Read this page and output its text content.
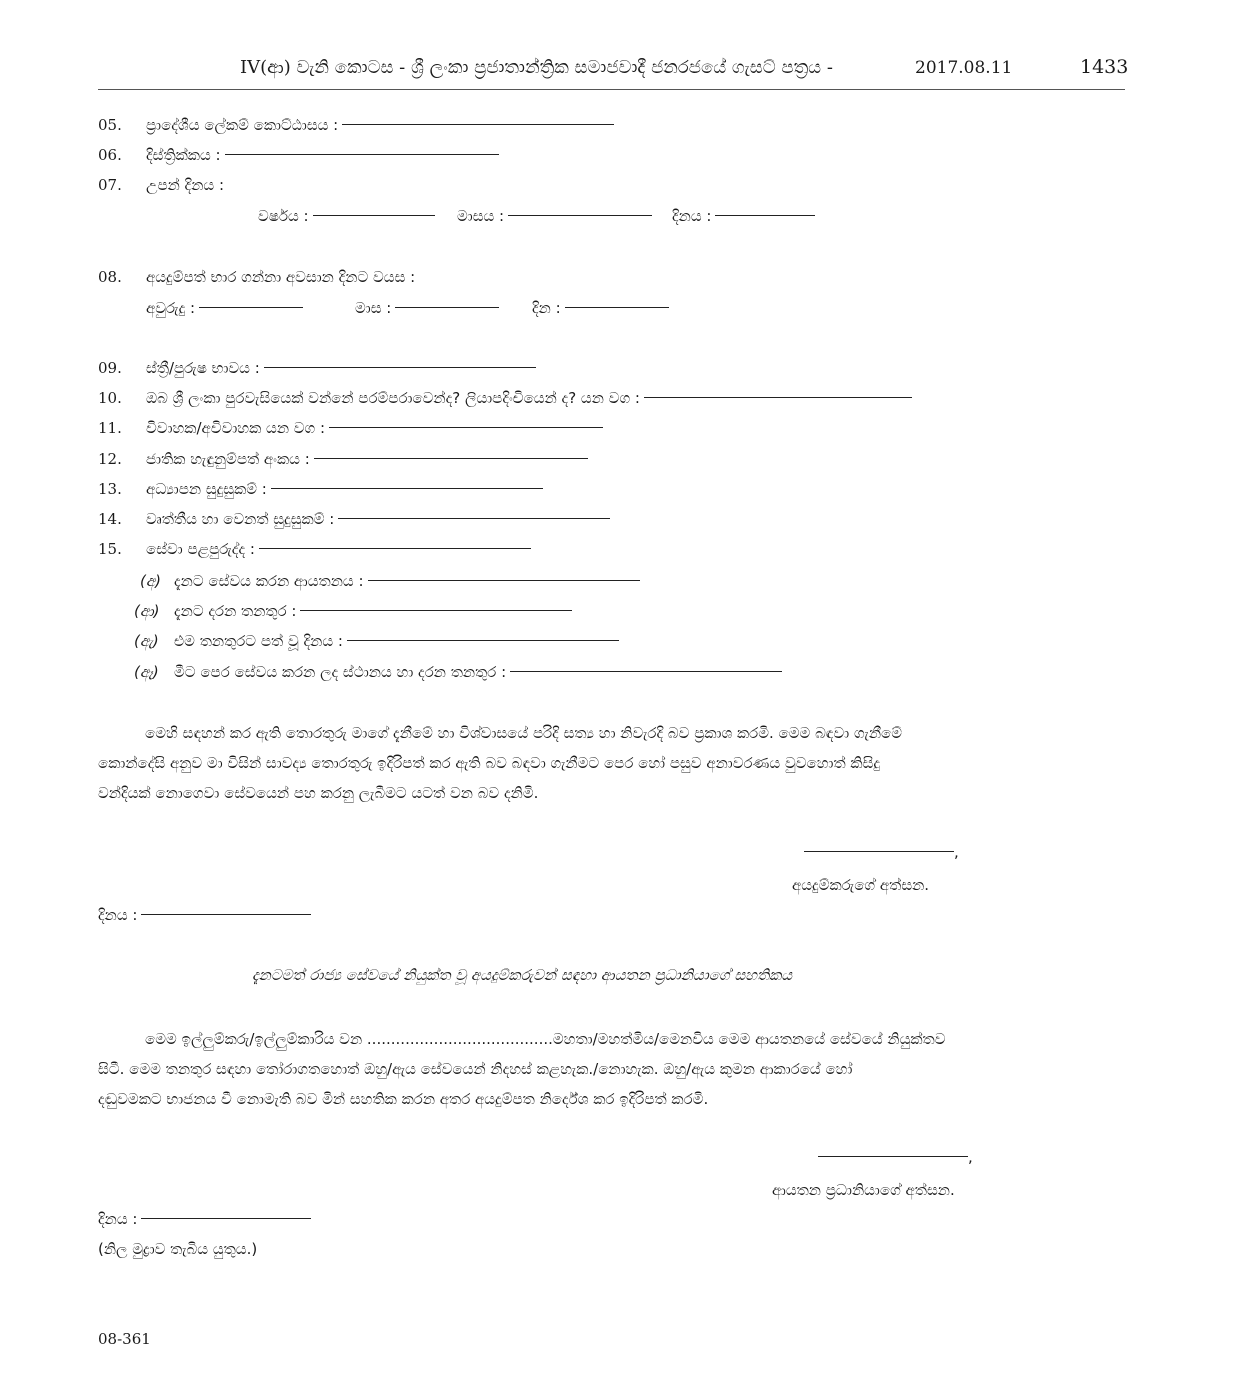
IV(ආ) වැනි කොටස - ශ්‍රී ලංකා ප්‍රජාතාන්ත්‍රික සමාජවාදී ජනරජයේ ගැසට් පත්‍රය -	2017.08.11	1433
05. ප්‍රාදේශීය ලේකම් කොට්ඨාසය :
06. දිස්ත්‍රික්කය :
07. උපන් දිනය :
වර්ෂය :	මාසය :	දිනය :
08. අයදුම්පත් භාර ගන්නා අවසාන දිනට වයස :
අවුරුදු :	මාස :	දින :
09. ස්ත්‍රී/පුරුෂ භාවය :
10. ඔබ ශ්‍රී ලංකා පුරවැසියෙක් වන්නේ පරම්පරාවෙන්ද? ලියාපදිංචියෙන් ද? යන වග :
11. විවාහක/අවිවාහක යන වග :
12. ජාතික හැඳුනුම්පත් අංකය :
13. අධ්‍යාපන සුදුසුකම් :
14. වෘත්තීය හා වෙනත් සුදුසුකම් :
15. සේවා පළපුරුද්ද :
(අ) දැනට සේවය කරන ආයතනය :
(ආ) දැනට දරන තනතුර :
(ඇ) එම තනතුරට පත් වූ දිනය :
(ඈ) මීට පෙර සේවය කරන ලද ස්ථානය හා දරන තනතුර :
මෙහි සඳහන් කර ඇති තොරතුරු මාගේ දැනීමේ හා විශ්වාසයේ පරිදි සත්‍ය හා නිවැරදි බව ප්‍රකාශ කරමි. මෙම බඳවා ගැනීමේ
කොන්දේසි අනුව මා විසින් සාවද්‍ය තොරතුරු ඉදිරිපත් කර ඇති බව බඳවා ගැනීමට පෙර හෝ පසුව අනාවරණය වුවහොත් කිසිදු
වන්දියක් නොගෙවා සේවයෙන් පහ කරනු ලැබීමට යටත් වන බව දනිමි.
,
අයදුම්කරුගේ අත්සන.
දිනය :
දැනටමත් රාජ්‍ය සේවයේ නියුක්ත වූ අයදුම්කරුවන් සඳහා ආයතන ප්‍රධානියාගේ සහතිකය
මෙම ඉල්ලුම්කරු/ඉල්ලුම්කාරිය වන .......................................මහතා/මහත්මිය/මෙනවිය මෙම ආයතනයේ සේවයේ නියුක්තව
සිටී. මෙම තනතුර සඳහා තෝරාගතහොත් ඔහු/ඇය සේවයෙන් නිදහස් කළහැක./නොහැක. ඔහු/ඇය කුමන ආකාරයේ හෝ
දඬුවමකට භාජනය වී නොමැති බව මින් සහතික කරන අතර අයදුම්පත නිර්දේශ කර ඉදිරිපත් කරමි.
,
ආයතන ප්‍රධානියාගේ අත්සන.
දිනය :
(නිල මුද්‍රාව තැබිය යුතුය.)
08-361
